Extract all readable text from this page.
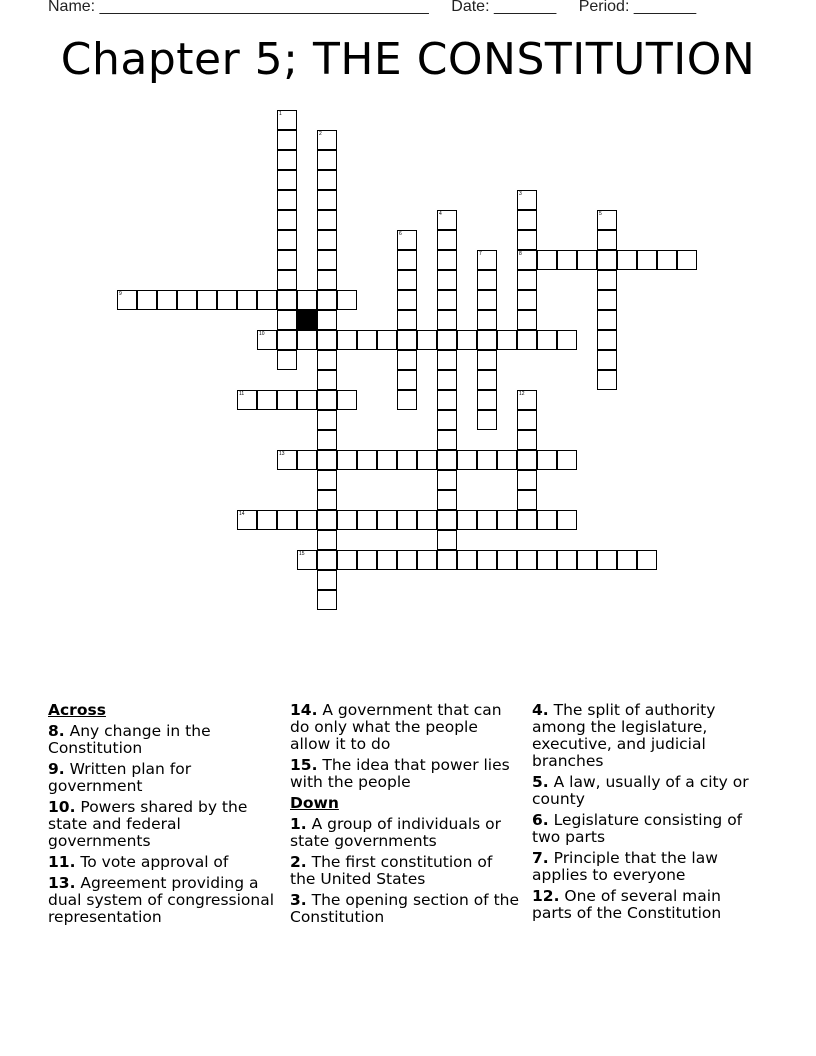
Name: _____________________________________ Date: _______ Period: _______
Chapter 5; THE CONSTITUTION
1
2
3
8
4	5
6
7
9
10
11	12
13
14
15
Across
8. Any change in the Constitution
9. Written plan for government
10. Powers shared by the state and federal governments
11. To vote approval of
13. Agreement providing a dual system of congressional representation
14. A government that can do only what the people allow it to do
15. The idea that power lies with the people
Down
1. A group of individuals or state governments
2. The first constitution of the United States
3. The opening section of the Constitution
4. The split of authority among the legislature, executive, and judicial branches
5. A law, usually of a city or county
6. Legislature consisting of two parts
7. Principle that the law applies to everyone
12. One of several main parts of the Constitution
